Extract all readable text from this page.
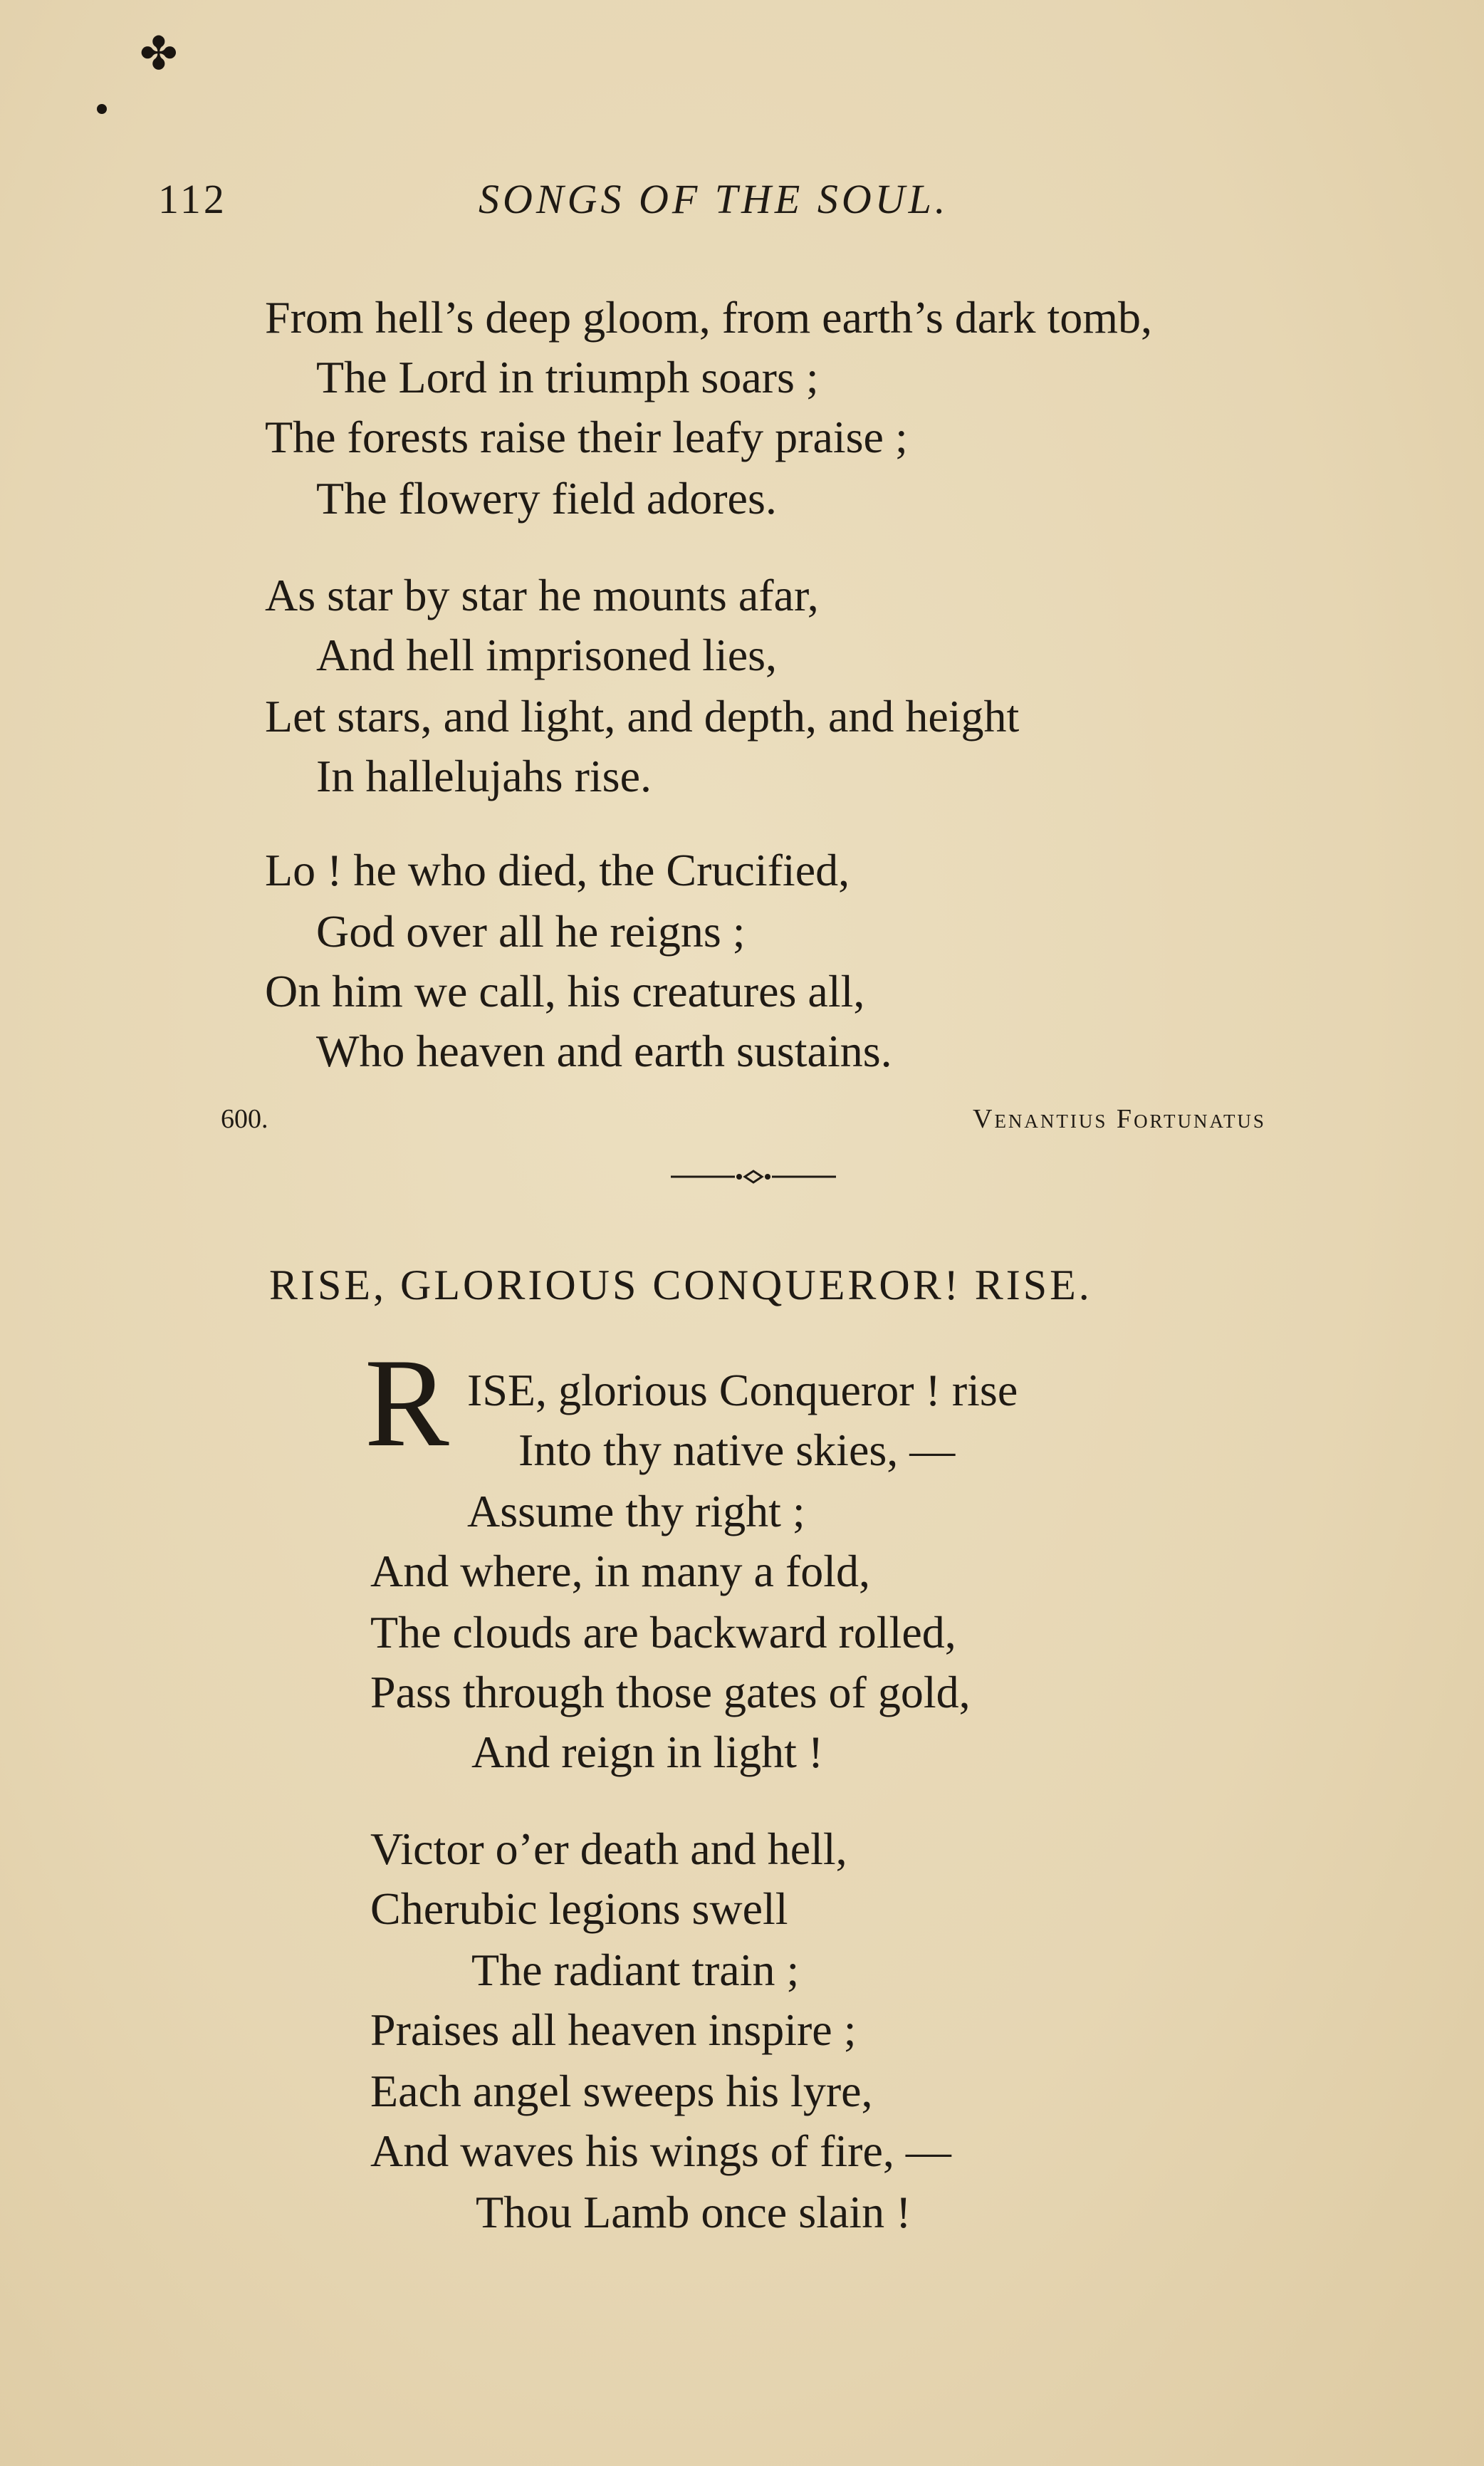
✤
112	SONGS OF THE SOUL.
From hell’s deep gloom, from earth’s dark tomb,
The Lord in triumph soars ;
The forests raise their leafy praise ;
The flowery field adores.
As star by star he mounts afar,
And hell imprisoned lies,
Let stars, and light, and depth, and height
In hallelujahs rise.
Lo ! he who died, the Crucified,
God over all he reigns ;
On him we call, his creatures all,
Who heaven and earth sustains.
600.	Venantius Fortunatus
RISE, GLORIOUS CONQUEROR! RISE.
R ISE, glorious Conqueror ! rise
Into thy native skies, —
Assume thy right ;
And where, in many a fold,
The clouds are backward rolled,
Pass through those gates of gold,
And reign in light !
Victor o’er death and hell,
Cherubic legions swell
The radiant train ;
Praises all heaven inspire ;
Each angel sweeps his lyre,
And waves his wings of fire, —
Thou Lamb once slain !
